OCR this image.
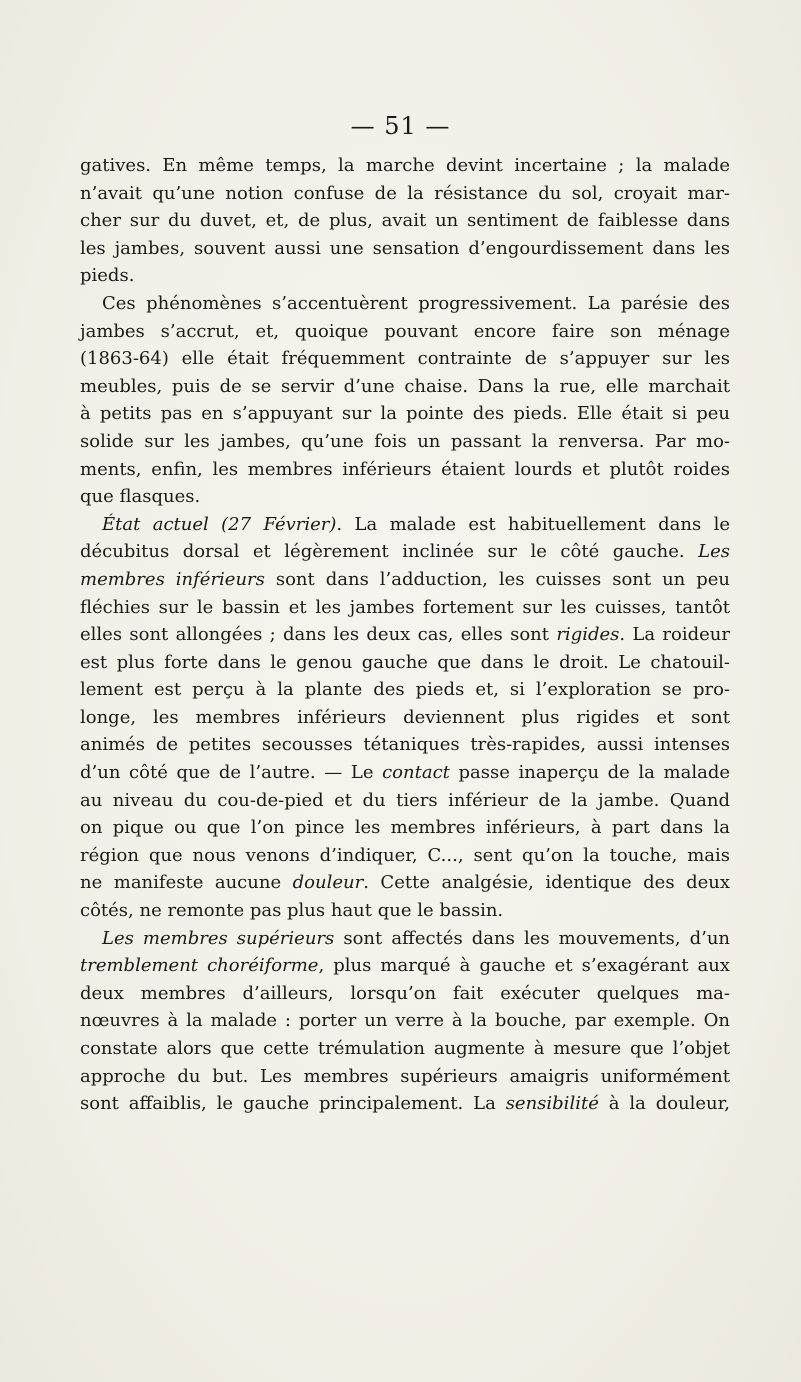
— 51 —
gatives. En même temps, la marche devint incertaine ; la malade
n’avait qu’une notion confuse de la résistance du sol, croyait mar-
cher sur du duvet, et, de plus, avait un sentiment de faiblesse dans
les jambes, souvent aussi une sensation d’engourdissement dans les
pieds.
Ces phénomènes s’accentuèrent progressivement. La parésie des
jambes s’accrut, et, quoique pouvant encore faire son ménage
(1863-64) elle était fréquemment contrainte de s’appuyer sur les
meubles, puis de se servir d’une chaise. Dans la rue, elle marchait
à petits pas en s’appuyant sur la pointe des pieds. Elle était si peu
solide sur les jambes, qu’une fois un passant la renversa. Par mo-
ments, enfin, les membres inférieurs étaient lourds et plutôt roides
que flasques.
État actuel (27 Février). La malade est habituellement dans le
décubitus dorsal et légèrement inclinée sur le côté gauche. Les
membres inférieurs sont dans l’adduction, les cuisses sont un peu
fléchies sur le bassin et les jambes fortement sur les cuisses, tantôt
elles sont allongées ; dans les deux cas, elles sont rigides. La roideur
est plus forte dans le genou gauche que dans le droit. Le chatouil-
lement est perçu à la plante des pieds et, si l’exploration se pro-
longe, les membres inférieurs deviennent plus rigides et sont
animés de petites secousses tétaniques très-rapides, aussi intenses
d’un côté que de l’autre. — Le contact passe inaperçu de la malade
au niveau du cou-de-pied et du tiers inférieur de la jambe. Quand
on pique ou que l’on pince les membres inférieurs, à part dans la
région que nous venons d’indiquer, C..., sent qu’on la touche, mais
ne manifeste aucune douleur. Cette analgésie, identique des deux
côtés, ne remonte pas plus haut que le bassin.
Les membres supérieurs sont affectés dans les mouvements, d’un
tremblement choréiforme, plus marqué à gauche et s’exagérant aux
deux membres d’ailleurs, lorsqu’on fait exécuter quelques ma-
nœuvres à la malade : porter un verre à la bouche, par exemple. On
constate alors que cette trémulation augmente à mesure que l’objet
approche du but. Les membres supérieurs amaigris uniformément
sont affaiblis, le gauche principalement. La sensibilité à la douleur,
